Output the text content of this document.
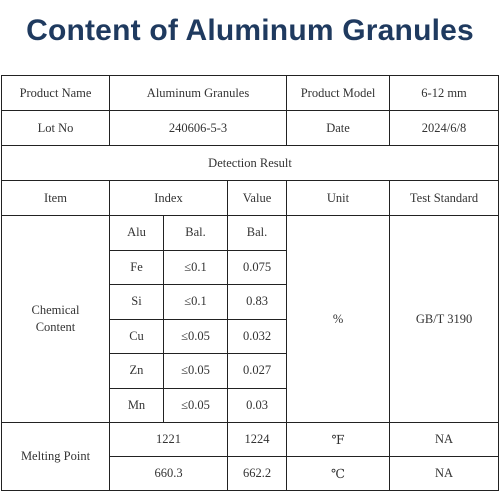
Content of Aluminum Granules
Product Name	Aluminum Granules			Product Model	6-12 mm
Lot No	240606-5-3			Date	2024/6/8
Detection Result					
Item	Index		Value	Unit	Test Standard
Chemical
Content	Alu	Bal.	Bal.	%	GB/T 3190
	Fe	≤0.1	0.075		
	Si	≤0.1	0.83		
	Cu	≤0.05	0.032		
	Zn	≤0.05	0.027		
	Mn	≤0.05	0.03		
Melting Point	1221		1224	℉	NA
	660.3		662.2	℃	NA
